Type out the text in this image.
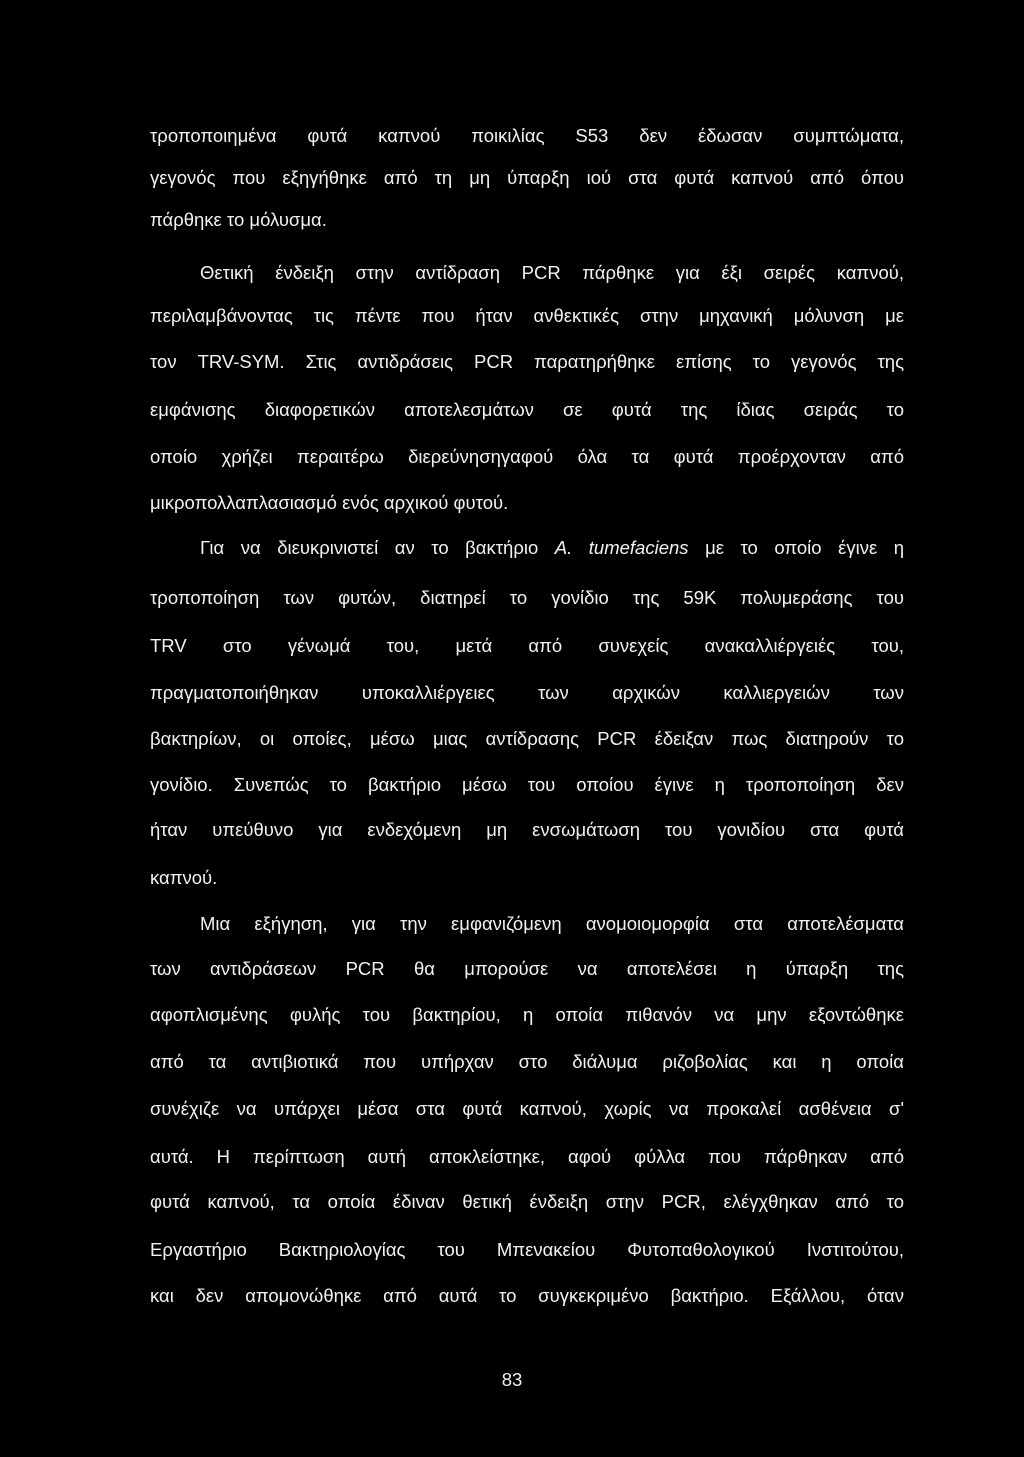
τροποποιημένα φυτά καπνού ποικιλίας S53 δεν έδωσαν συμπτώματα,
γεγονός που εξηγήθηκε από τη μη ύπαρξη ιού στα φυτά καπνού από όπου
πάρθηκε το μόλυσμα.
Θετική ένδειξη στην αντίδραση PCR πάρθηκε για έξι σειρές καπνού,
περιλαμβάνοντας τις πέντε που ήταν ανθεκτικές στην μηχανική μόλυνση με
τον TRV-SYM. Στις αντιδράσεις PCR παρατηρήθηκε επίσης το γεγονός της
εμφάνισης διαφορετικών αποτελεσμάτων σε φυτά της ίδιας σειράς το
οποίο χρήζει περαιτέρω διερεύνησηγαφού όλα τα φυτά προέρχονταν από
μικροπολλαπλασιασμό ενός αρχικού φυτού.
Για να διευκρινιστεί αν το βακτήριο A. tumefaciens με το οποίο έγινε η
τροποποίηση των φυτών, διατηρεί το γονίδιο της 59K πολυμεράσης του
TRV στο γένωμά του, μετά από συνεχείς ανακαλλιέργειές του,
πραγματοποιήθηκαν υποκαλλιέργειες των αρχικών καλλιεργειών των
βακτηρίων, οι οποίες, μέσω μιας αντίδρασης PCR έδειξαν πως διατηρούν το
γονίδιο. Συνεπώς το βακτήριο μέσω του οποίου έγινε η τροποποίηση δεν
ήταν υπεύθυνο για ενδεχόμενη μη ενσωμάτωση του γονιδίου στα φυτά
καπνού.
Μια εξήγηση, για την εμφανιζόμενη ανομοιομορφία στα αποτελέσματα
των αντιδράσεων PCR θα μπορούσε να αποτελέσει η ύπαρξη της
αφοπλισμένης φυλής του βακτηρίου, η οποία πιθανόν να μην εξοντώθηκε
από τα αντιβιοτικά που υπήρχαν στο διάλυμα ριζοβολίας και η οποία
συνέχιζε να υπάρχει μέσα στα φυτά καπνού, χωρίς να προκαλεί ασθένεια σ'
αυτά. Η περίπτωση αυτή αποκλείστηκε, αφού φύλλα που πάρθηκαν από
φυτά καπνού, τα οποία έδιναν θετική ένδειξη στην PCR, ελέγχθηκαν από το
Εργαστήριο Βακτηριολογίας του Μπενακείου Φυτοπαθολογικού Ινστιτούτου,
και δεν απομονώθηκε από αυτά το συγκεκριμένο βακτήριο. Εξάλλου, όταν
83
